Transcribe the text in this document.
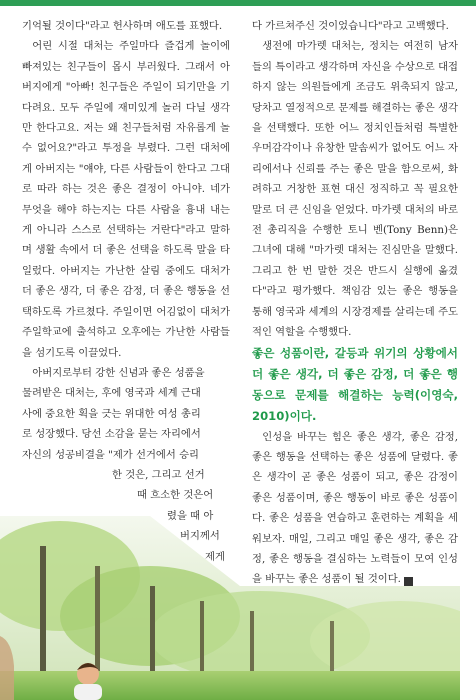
기억될 것이다"라고 헌사하며 애도를 표했다.

어린 시절 대처는 주일마다 즐겁게 놀이에 빠져있는 친구들이 몹시 부러웠다. 그래서 아버지에게 "아빠! 친구들은 주일이 되기만을 기다려요. 모두 주일에 재미있게 놀러 다닐 생각만 한다고요. 저는 왜 친구들처럼 자유롭게 놀 수 없어요?"라고 투정을 부렸다. 그런 대처에게 아버지는 "얘야, 다른 사람들이 한다고 그대로 따라 하는 것은 좋은 결정이 아니야. 네가 무엇을 해야 하는지는 다른 사람을 흉내 내는 게 아니라 스스로 선택하는 거란다"라고 말하며 생활 속에서 더 좋은 선택을 하도록 말을 타일렀다. 아버지는 가난한 살림 중에도 대처가 더 좋은 생각, 더 좋은 감정, 더 좋은 행동을 선택하도록 가르쳤다. 주일이면 어김없이 대처가 주일학교에 출석하고 오후에는 가난한 사람들을 섬기도록 이끌었다.

아버지로부터 강한 신념과 좋은 성품을
물려받은 대처는, 후에 영국과 세계 근대
사에 중요한 획을 긋는 위대한 여성 총리
로 성장했다. 당선 소감을 묻는 자리에서
자신의 성공비결을 "제가 선거에서 승리
한 것은, 그리고 선거
때 흐소한 것은어
렸을 때 아
버지께서
제게

다 가르쳐주신 것이었습니다"라고 고백했다.

생전에 마가렛 대처는, 정치는 여전히 남자들의 특이라고 생각하며 자신을 수상으로 대접하지 않는 의원들에게 조금도 위축되지 않고, 당차고 열정적으로 문제를 해결하는 좋은 생각을 선택했다. 또한 어느 정치인들처럼 특별한 우머감각이나 유창한 말솜씨가 없어도 어느 자리에서나 신뢰를 주는 좋은 말을 함으로써, 화려하고 거창한 표현 대신 정직하고 꼭 필요한 말로 더 큰 신임을 얻었다. 마가렛 대처의 바로 전 총리직을 수행한 토니 벤(Tony Benn)은 그녀에 대해 "마가렛 대처는 진심만을 말했다. 그리고 한 번 말한 것은 반드시 실행에 옮겼다"라고 평가했다. 책임감 있는 좋은 행동을 통해 영국과 세계의 시장경제를 살리는데 주도적인 역할을 수행했다.

좋은 성품이란, 갈등과 위기의 상황에서 더 좋은 생각, 더 좋은 감정, 더 좋은 행동으로 문제를 해결하는 능력(이영숙, 2010)이다.

인성을 바꾸는 힘은 좋은 생각, 좋은 감정, 좋은 행동을 선택하는 좋은 성품에 달렸다. 좋은 생각이 곧 좋은 성품이 되고, 좋은 감정이 좋은 성품이며, 좋은 행동이 바로 좋은 성품이다. 좋은 성품을 연습하고 훈련하는 계획을 세워보자. 매일, 그리고 매일 좋은 생각, 좋은 감정, 좋은 행동을 결심하는 노력들이 모여 인성을 바꾸는 좋은 성품이 될 것이다. N
